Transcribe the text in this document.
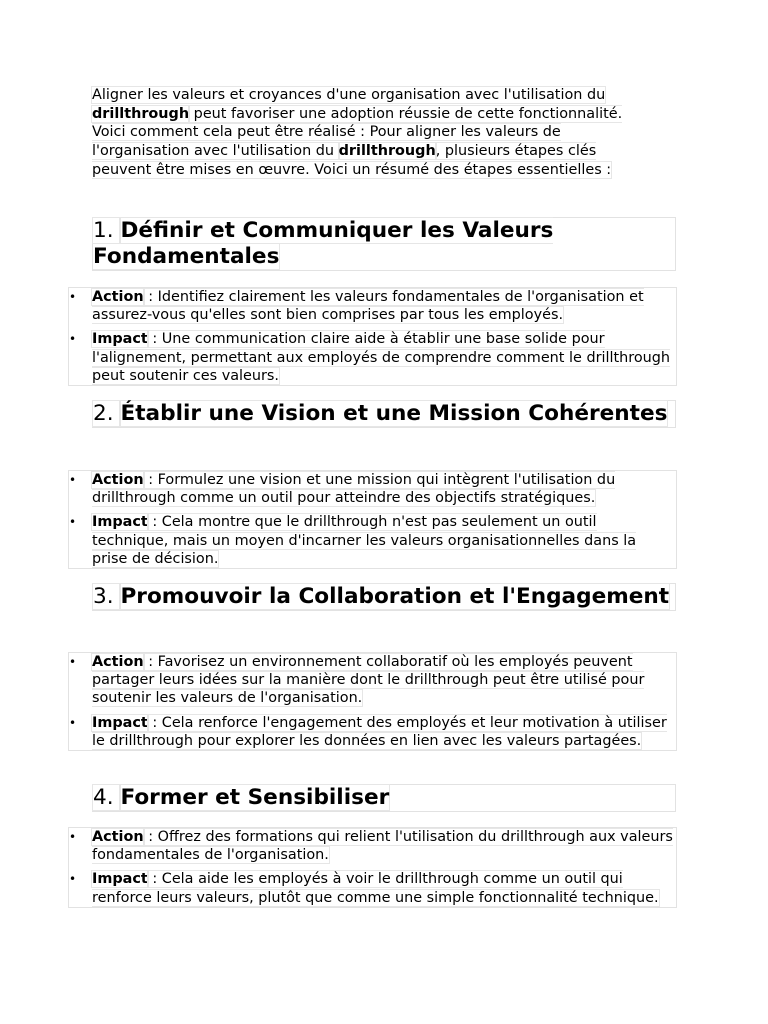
Aligner les valeurs et croyances d'une organisation avec l'utilisation du drillthrough peut favoriser une adoption réussie de cette fonctionnalité. Voici comment cela peut être réalisé : Pour aligner les valeurs de l'organisation avec l'utilisation du drillthrough, plusieurs étapes clés peuvent être mises en œuvre. Voici un résumé des étapes essentielles :

1. Définir et Communiquer les Valeurs Fondamentales
• Action : Identifiez clairement les valeurs fondamentales de l'organisation et assurez-vous qu'elles sont bien comprises par tous les employés.
• Impact : Une communication claire aide à établir une base solide pour l'alignement, permettant aux employés de comprendre comment le drillthrough peut soutenir ces valeurs.
2. Établir une Vision et une Mission Cohérentes
• Action : Formulez une vision et une mission qui intègrent l'utilisation du drillthrough comme un outil pour atteindre des objectifs stratégiques.
• Impact : Cela montre que le drillthrough n'est pas seulement un outil technique, mais un moyen d'incarner les valeurs organisationnelles dans la prise de décision.
3. Promouvoir la Collaboration et l'Engagement
• Action : Favorisez un environnement collaboratif où les employés peuvent partager leurs idées sur la manière dont le drillthrough peut être utilisé pour soutenir les valeurs de l'organisation.
• Impact : Cela renforce l'engagement des employés et leur motivation à utiliser le drillthrough pour explorer les données en lien avec les valeurs partagées.
4. Former et Sensibiliser
• Action : Offrez des formations qui relient l'utilisation du drillthrough aux valeurs fondamentales de l'organisation.
• Impact : Cela aide les employés à voir le drillthrough comme un outil qui renforce leurs valeurs, plutôt que comme une simple fonctionnalité technique.
